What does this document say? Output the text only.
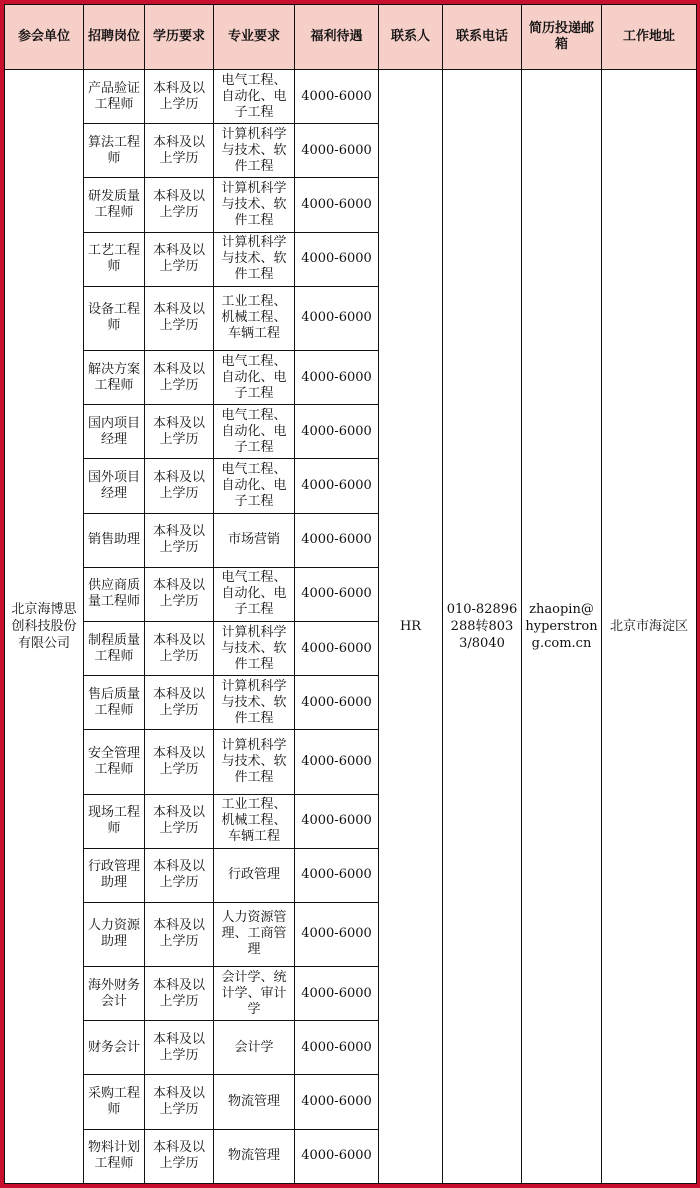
参会单位	招聘岗位	学历要求	专业要求	福利待遇	联系人	联系电话	简历投递邮箱	工作地址
北京海博思创科技股份有限公司	产品验证工程师	本科及以上学历	电气工程、自动化、电子工程	4000-6000	HR	010-82896288转8033/8040	zhaopin@hyperstrong.com.cn	北京市海淀区
	算法工程师	本科及以上学历	计算机科学与技术、软件工程	4000-6000				
	研发质量工程师	本科及以上学历	计算机科学与技术、软件工程	4000-6000				
	工艺工程师	本科及以上学历	计算机科学与技术、软件工程	4000-6000				
	设备工程师	本科及以上学历	工业工程、机械工程、车辆工程	4000-6000				
	解决方案工程师	本科及以上学历	电气工程、自动化、电子工程	4000-6000				
	国内项目经理	本科及以上学历	电气工程、自动化、电子工程	4000-6000				
	国外项目经理	本科及以上学历	电气工程、自动化、电子工程	4000-6000				
	销售助理	本科及以上学历	市场营销	4000-6000				
	供应商质量工程师	本科及以上学历	电气工程、自动化、电子工程	4000-6000				
	制程质量工程师	本科及以上学历	计算机科学与技术、软件工程	4000-6000				
	售后质量工程师	本科及以上学历	计算机科学与技术、软件工程	4000-6000				
	安全管理工程师	本科及以上学历	计算机科学与技术、软件工程	4000-6000				
	现场工程师	本科及以上学历	工业工程、机械工程、车辆工程	4000-6000				
	行政管理助理	本科及以上学历	行政管理	4000-6000				
	人力资源助理	本科及以上学历	人力资源管理、工商管理	4000-6000				
	海外财务会计	本科及以上学历	会计学、统计学、审计学	4000-6000				
	财务会计	本科及以上学历	会计学	4000-6000				
	采购工程师	本科及以上学历	物流管理	4000-6000				
	物料计划工程师	本科及以上学历	物流管理	4000-6000				
